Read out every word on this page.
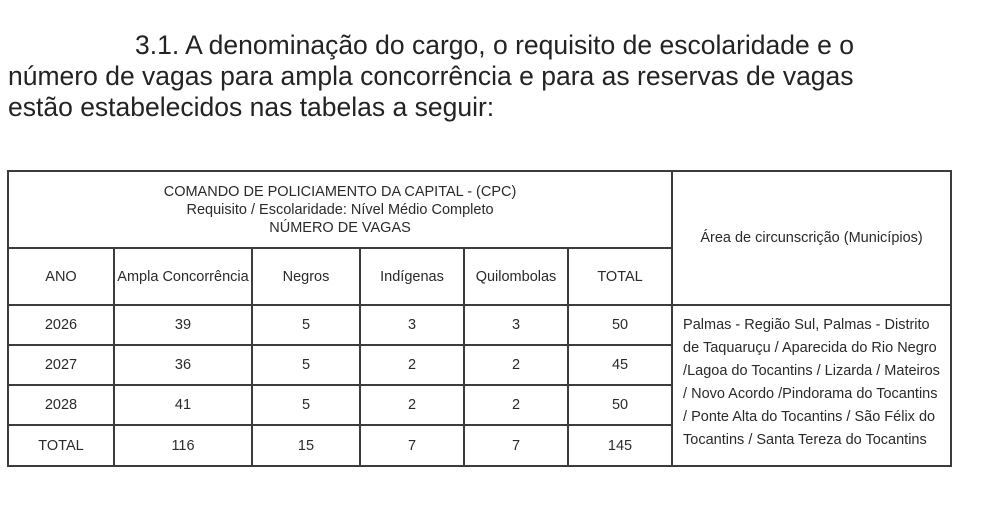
3.1. A denominação do cargo, o requisito de escolaridade e o
número de vagas para ampla concorrência e para as reservas de vagas
estão estabelecidos nas tabelas a seguir:

COMANDO DE POLICIAMENTO DA CAPITAL - (CPC)
Requisito / Escolaridade: Nível Médio Completo
NÚMERO DE VAGAS						Área de circunscrição (Municípios)
ANO	Ampla Concorrência	Negros	Indígenas	Quilombolas	TOTAL	
2026	39	5	3	3	50	Palmas - Região Sul, Palmas - Distrito de Taquaruçu / Aparecida do Rio Negro /Lagoa do Tocantins / Lizarda / Mateiros / Novo Acordo /Pindorama do Tocantins / Ponte Alta do Tocantins / São Félix do Tocantins / Santa Tereza do Tocantins
2027	36	5	2	2	45	
2028	41	5	2	2	50	
TOTAL	116	15	7	7	145	
